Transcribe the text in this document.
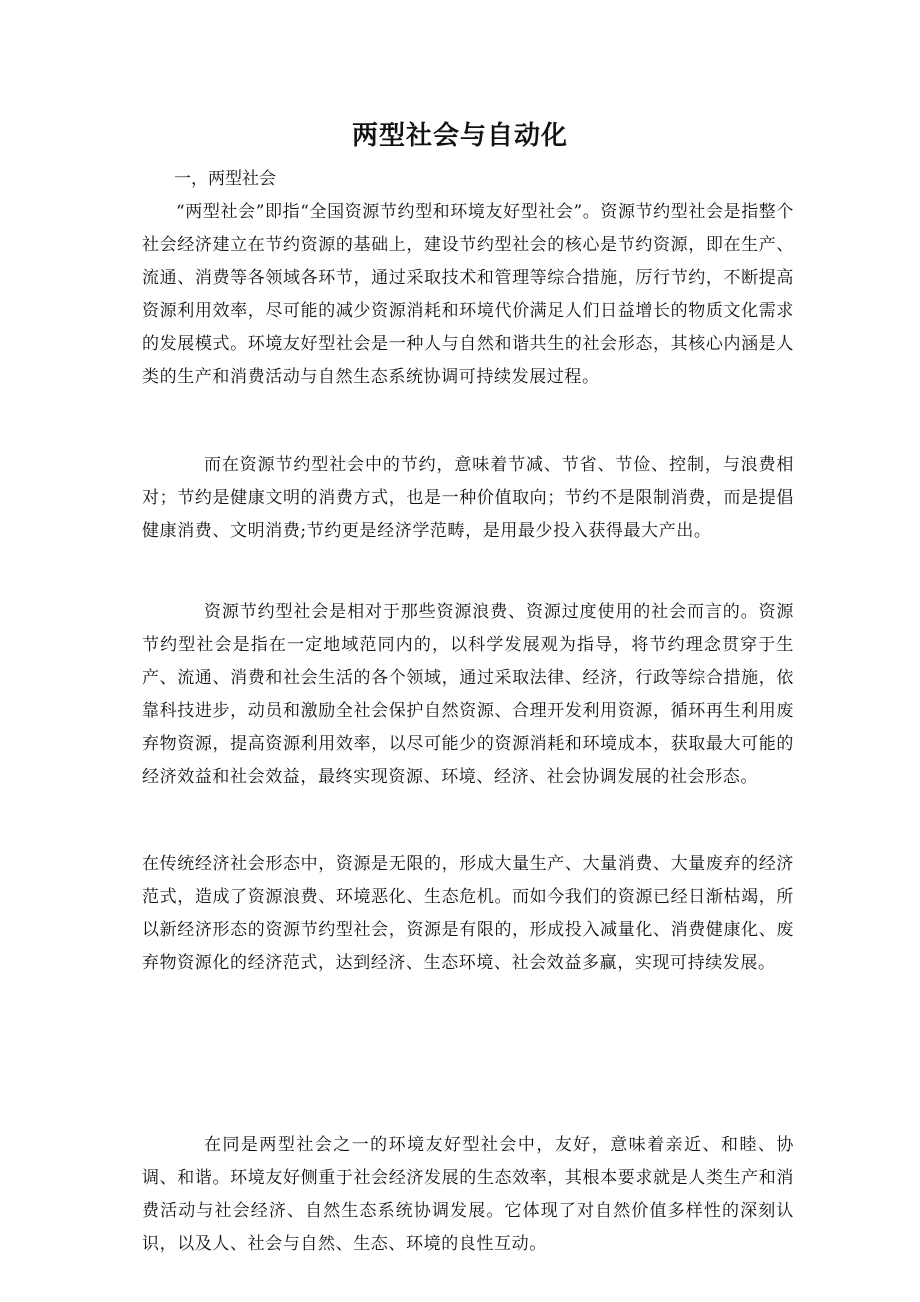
两型社会与自动化

一，两型社会

“两型社会”即指“全国资源节约型和环境友好型社会”。资源节约型社会是指整个社会经济建立在节约资源的基础上，建设节约型社会的核心是节约资源，即在生产、流通、消费等各领域各环节，通过采取技术和管理等综合措施，厉行节约，不断提高资源利用效率，尽可能的减少资源消耗和环境代价满足人们日益增长的物质文化需求的发展模式。环境友好型社会是一种人与自然和谐共生的社会形态，其核心内涵是人类的生产和消费活动与自然生态系统协调可持续发展过程。

而在资源节约型社会中的节约，意味着节减、节省、节俭、控制，与浪费相对；节约是健康文明的消费方式，也是一种价值取向；节约不是限制消费，而是提倡健康消费、文明消费;节约更是经济学范畴，是用最少投入获得最大产出。

资源节约型社会是相对于那些资源浪费、资源过度使用的社会而言的。资源节约型社会是指在一定地域范同内的，以科学发展观为指导，将节约理念贯穿于生产、流通、消费和社会生活的各个领域，通过采取法律、经济，行政等综合措施，依靠科技进步，动员和激励全社会保护自然资源、合理开发利用资源，循环再生利用废弃物资源，提高资源利用效率，以尽可能少的资源消耗和环境成本，获取最大可能的经济效益和社会效益，最终实现资源、环境、经济、社会协调发展的社会形态。

在传统经济社会形态中，资源是无限的，形成大量生产、大量消费、大量废弃的经济范式，造成了资源浪费、环境恶化、生态危机。而如今我们的资源已经日渐枯竭，所以新经济形态的资源节约型社会，资源是有限的，形成投入减量化、消费健康化、废弃物资源化的经济范式，达到经济、生态环境、社会效益多赢，实现可持续发展。

在同是两型社会之一的环境友好型社会中，友好，意味着亲近、和睦、协调、和谐。环境友好侧重于社会经济发展的生态效率，其根本要求就是人类生产和消费活动与社会经济、自然生态系统协调发展。它体现了对自然价值多样性的深刻认识，以及人、社会与自然、生态、环境的良性互动。
